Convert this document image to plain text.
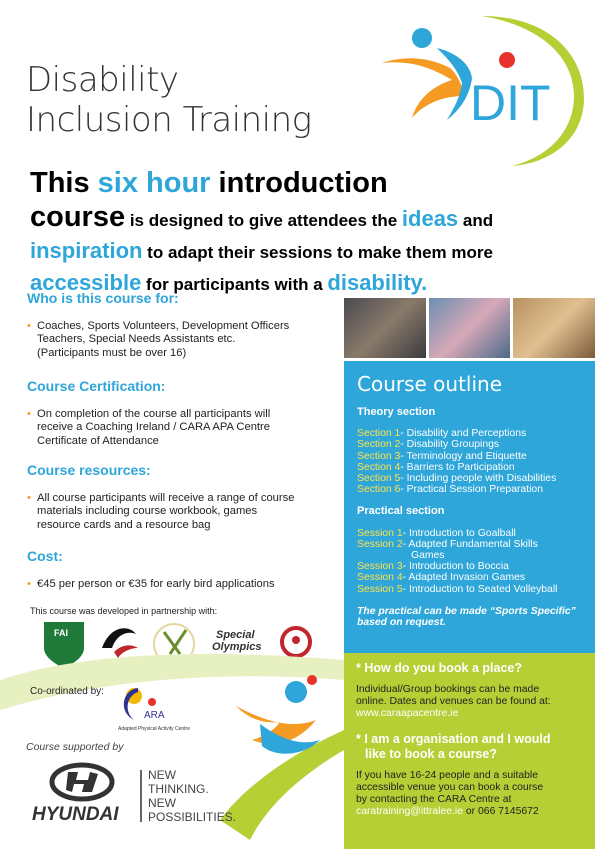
Disability
Inclusion Training	DIT
This six hour introduction
course is designed to give attendees the ideas and
inspiration to adapt their sessions to make them more
accessible for participants with a disability.
Who is this course for:
• Coaches, Sports Volunteers, Development Officers
Teachers, Special Needs Assistants etc.
(Participants must be over 16)
Course Certification:
• On completion of the course all participants will
receive a Coaching Ireland / CARA APA Centre
Certificate of Attendance
Course resources:
• All course participants will receive a range of course
materials including course workbook, games
resource cards and a resource bag
Cost:
• €45 per person or €35 for early bird applications
This course was developed in partnership with:
FAI	Special
Olympics
Co-ordinated by:
ARA
Adapted Physical Activity Centre
Course supported by
HYUNDAI
NEW
THINKING.
NEW
POSSIBILITIES.
Course outline
Theory section
Section 1- Disability and Perceptions
Section 2- Disability Groupings
Section 3- Terminology and Etiquette
Section 4- Barriers to Participation
Section 5- Including people with Disabilities
Section 6- Practical Session Preparation
Practical section
Session 1- Introduction to Goalball
Session 2- Adapted Fundamental Skills
Games
Session 3- Introduction to Boccia
Session 4- Adapted Invasion Games
Session 5- Introduction to Seated Volleyball
The practical can be made “Sports Specific”
based on request.
* How do you book a place?

Individual/Group bookings can be made
online. Dates and venues can be found at:
www.caraapacentre.ie

* I am a organisation and I would
like to book a course?

If you have 16-24 people and a suitable
accessible venue you can book a course
by contacting the CARA Centre at
caratraining@ittralee.ie or 066 7145672
